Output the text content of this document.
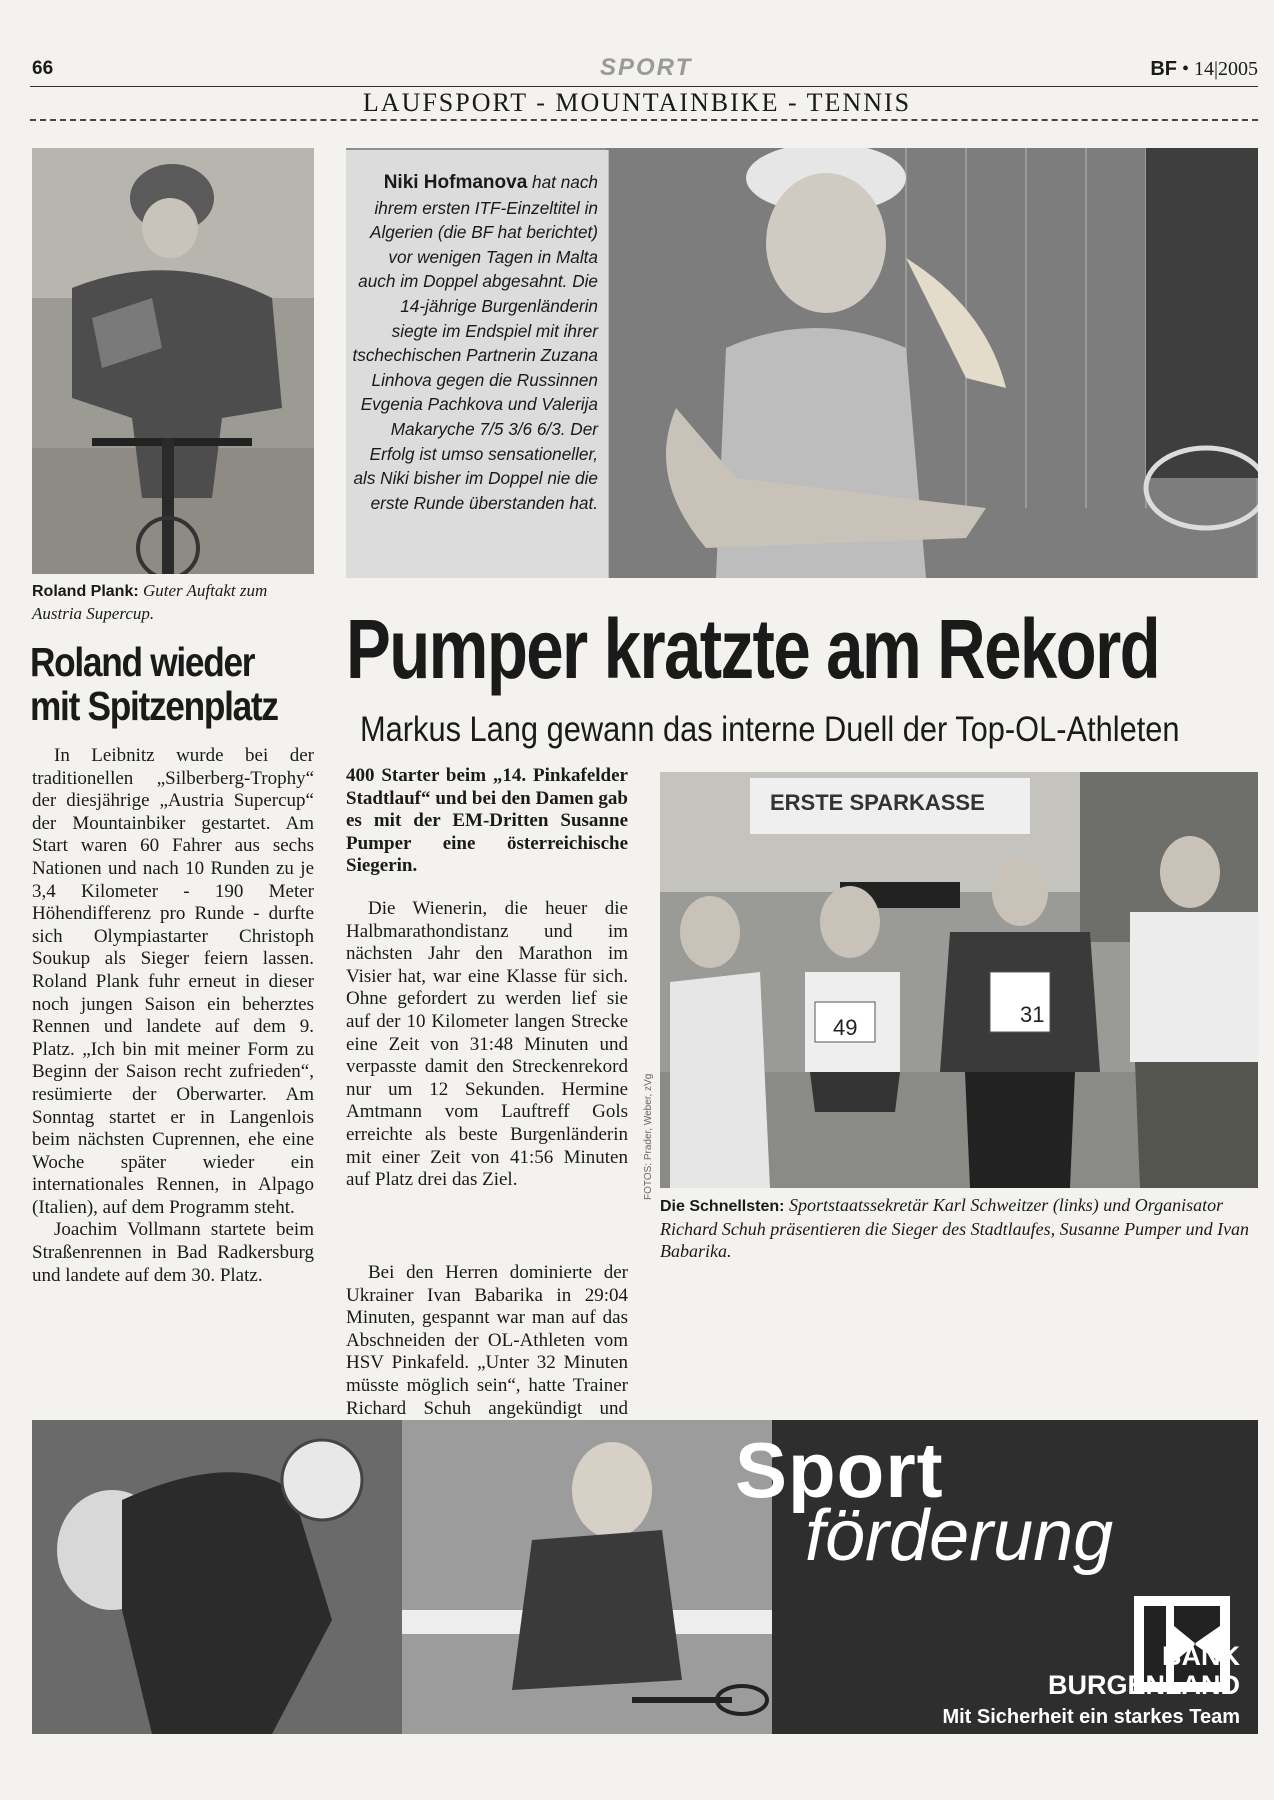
66	SPORT	BF • 14|2005
LAUFSPORT - MOUNTAINBIKE - TENNIS
Roland Plank: Guter Auftakt zum Austria Supercup.
Roland wieder mit Spitzenplatz

In Leibnitz wurde bei der traditionellen „Silberberg-Trophy“ der diesjährige „Austria Supercup“ der Mountainbiker gestartet. Am Start waren 60 Fahrer aus sechs Nationen und nach 10 Runden zu je 3,4 Kilometer - 190 Meter Höhendifferenz pro Runde - durfte sich Olympiastarter Christoph Soukup als Sieger feiern lassen. Roland Plank fuhr erneut in dieser noch jungen Saison ein beherztes Rennen und landete auf dem 9. Platz. „Ich bin mit meiner Form zu Beginn der Saison recht zufrieden“, resümierte der Oberwarter. Am Sonntag startet er in Langenlois beim nächsten Cuprennen, ehe eine Woche später wieder ein internationales Rennen, in Alpago (Italien), auf dem Programm steht.

Joachim Vollmann startete beim Straßenrennen in Bad Radkersburg und landete auf dem 30. Platz.

Niki Hofmanova hat nach ihrem ersten ITF-Einzeltitel in Algerien (die BF hat berichtet) vor wenigen Tagen in Malta auch im Doppel abgesahnt. Die 14-jährige Burgenländerin siegte im Endspiel mit ihrer tschechischen Partnerin Zuzana Linhova gegen die Russinnen Evgenia Pachkova und Valerija Makaryche 7/5 3/6 6/3. Der Erfolg ist umso sensationeller, als Niki bisher im Doppel nie die erste Runde überstanden hat.
Pumper kratzte am Rekord
Markus Lang gewann das interne Duell der Top-OL-Athleten
400 Starter beim „14. Pinkafelder Stadtlauf“ und bei den Damen gab es mit der EM-Dritten Susanne Pumper eine österreichische Siegerin.

Die Wienerin, die heuer die Halbmarathondistanz und im nächsten Jahr den Marathon im Visier hat, war eine Klasse für sich. Ohne gefordert zu werden lief sie auf der 10 Kilometer langen Strecke eine Zeit von 31:48 Minuten und verpasste damit den Streckenrekord nur um 12 Sekunden. Hermine Amtmann vom Lauftreff Gols erreichte als beste Burgenländerin mit einer Zeit von 41:56 Minuten auf Platz drei das Ziel.

Bei den Herren dominierte der Ukrainer Ivan Babarika in 29:04 Minuten, gespannt war man auf das Abschneiden der OL-Athleten vom HSV Pinkafeld. „Unter 32 Minuten müsste möglich sein“, hatte Trainer Richard Schuh angekündigt und

ERSTE SPARKASSE
49
31
FOTOS: Prader, Weber, zVg
Die Schnellsten: Sportstaatssekretär Karl Schweitzer (links) und Organisator Richard Schuh präsentieren die Sieger des Stadtlaufes, Susanne Pumper und Ivan Babarika.
Sport
förderung
BANK
BURGENLAND
Mit Sicherheit ein starkes Team
